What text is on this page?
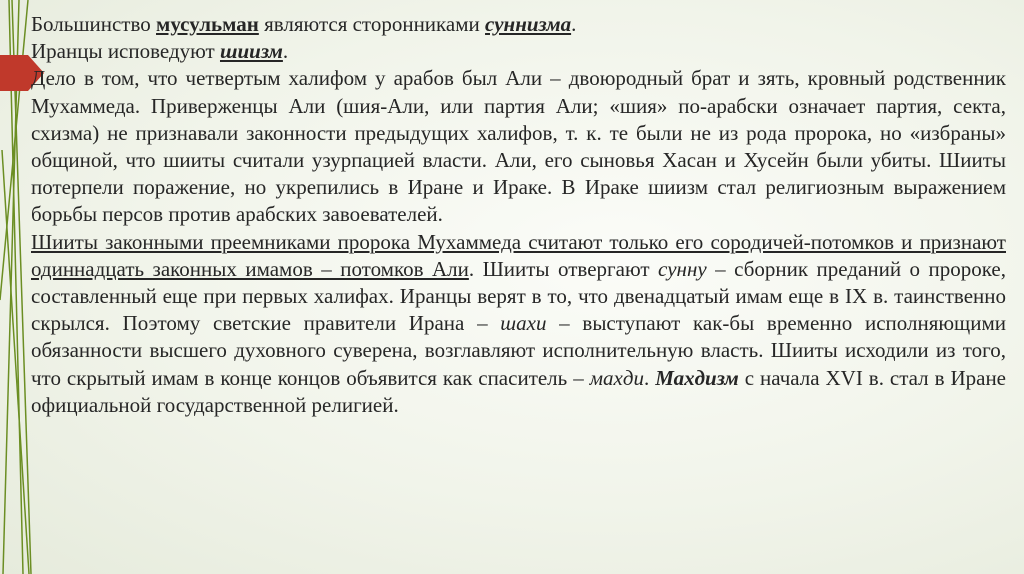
Большинство мусульман являются сторонниками суннизма.

Иранцы исповедуют шиизм.

Дело в том, что четвертым халифом у арабов был Али – двоюродный брат и зять, кровный родственник Мухаммеда. Приверженцы Али (шия-Али, или партия Али; «шия» по-арабски означает партия, секта, схизма) не признавали законности предыдущих халифов, т. к. те были не из рода пророка, но «избраны» общиной, что шииты считали узурпацией власти. Али, его сыновья Хасан и Хусейн были убиты. Шииты потерпели поражение, но укрепились в Иране и Ираке. В Ираке шиизм стал религиозным выражением борьбы персов против арабских завоевателей.

Шииты законными преемниками пророка Мухаммеда считают только его сородичей-потомков и признают одиннадцать законных имамов – потомков Али. Шииты отвергают сунну – сборник преданий о пророке, составленный еще при первых халифах. Иранцы верят в то, что двенадцатый имам еще в IX в. таинственно скрылся. Поэтому светские правители Ирана – шахи – выступают как-бы временно исполняющими обязанности высшего духовного суверена, возглавляют исполнительную власть. Шииты исходили из того, что скрытый имам в конце концов объявится как спаситель – махди. Махдизм с начала XVI в. стал в Иране официальной государственной религией.
